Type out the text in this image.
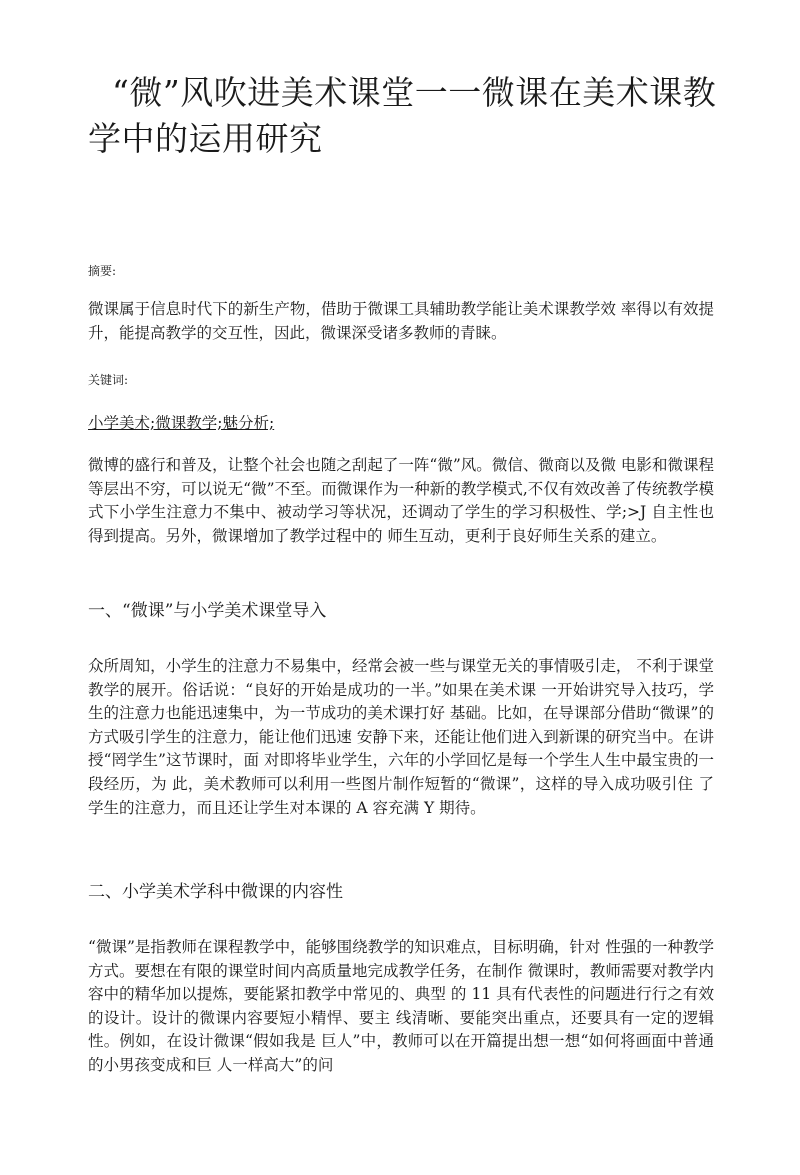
“微”风吹进美术课堂一一微课在美术课教学中的运用研究

摘要:

微课属于信息时代下的新生产物，借助于微课工具辅助教学能让美术课教学效 率得以有效提升，能提高教学的交互性，因此，微课深受诸多教师的青睐。

关键词:

小学美术;微课教学;魅分析;

微博的盛行和普及，让整个社会也随之刮起了一阵“微”风。微信、微商以及微 电影和微课程等层出不穷，可以说无“微”不至。而微课作为一种新的教学模式,不仅有效改善了传统教学模式下小学生注意力不集中、被动学习等状况，还调动了学生的学习积极性、学;>J 自主性也得到提高。另外，微课增加了教学过程中的 师生互动，更利于良好师生关系的建立。

一、“微课”与小学美术课堂导入

众所周知，小学生的注意力不易集中，经常会被一些与课堂无关的事情吸引走， 不利于课堂教学的展开。俗话说：“良好的开始是成功的一半。”如果在美术课 一开始讲究导入技巧，学生的注意力也能迅速集中，为一节成功的美术课打好 基础。比如，在导课部分借助“微课”的方式吸引学生的注意力，能让他们迅速 安静下来，还能让他们进入到新课的研究当中。在讲授“罔学生”这节课时，面 对即将毕业学生，六年的小学回忆是每一个学生人生中最宝贵的一段经历，为 此，美术教师可以利用一些图片制作短暂的“微课”，这样的导入成功吸引住 了学生的注意力，而且还让学生对本课的 A 容充满 Y 期待。

二、小学美术学科中微课的内容性

“微课”是指教师在课程教学中，能够围绕教学的知识难点，目标明确，针对 性强的一种教学方式。要想在有限的课堂时间内高质量地完成教学任务，在制作 微课时，教师需要对教学内容中的精华加以提炼，要能紧扣教学中常见的、典型 的 11 具有代表性的问题进行行之有效的设计。设计的微课内容要短小精悍、要主 线清晰、要能突出重点，还要具有一定的逻辑性。例如，在设计微课“假如我是 巨人”中，教师可以在开篇提出想一想“如何将画面中普通的小男孩变成和巨 人一样高大”的问
